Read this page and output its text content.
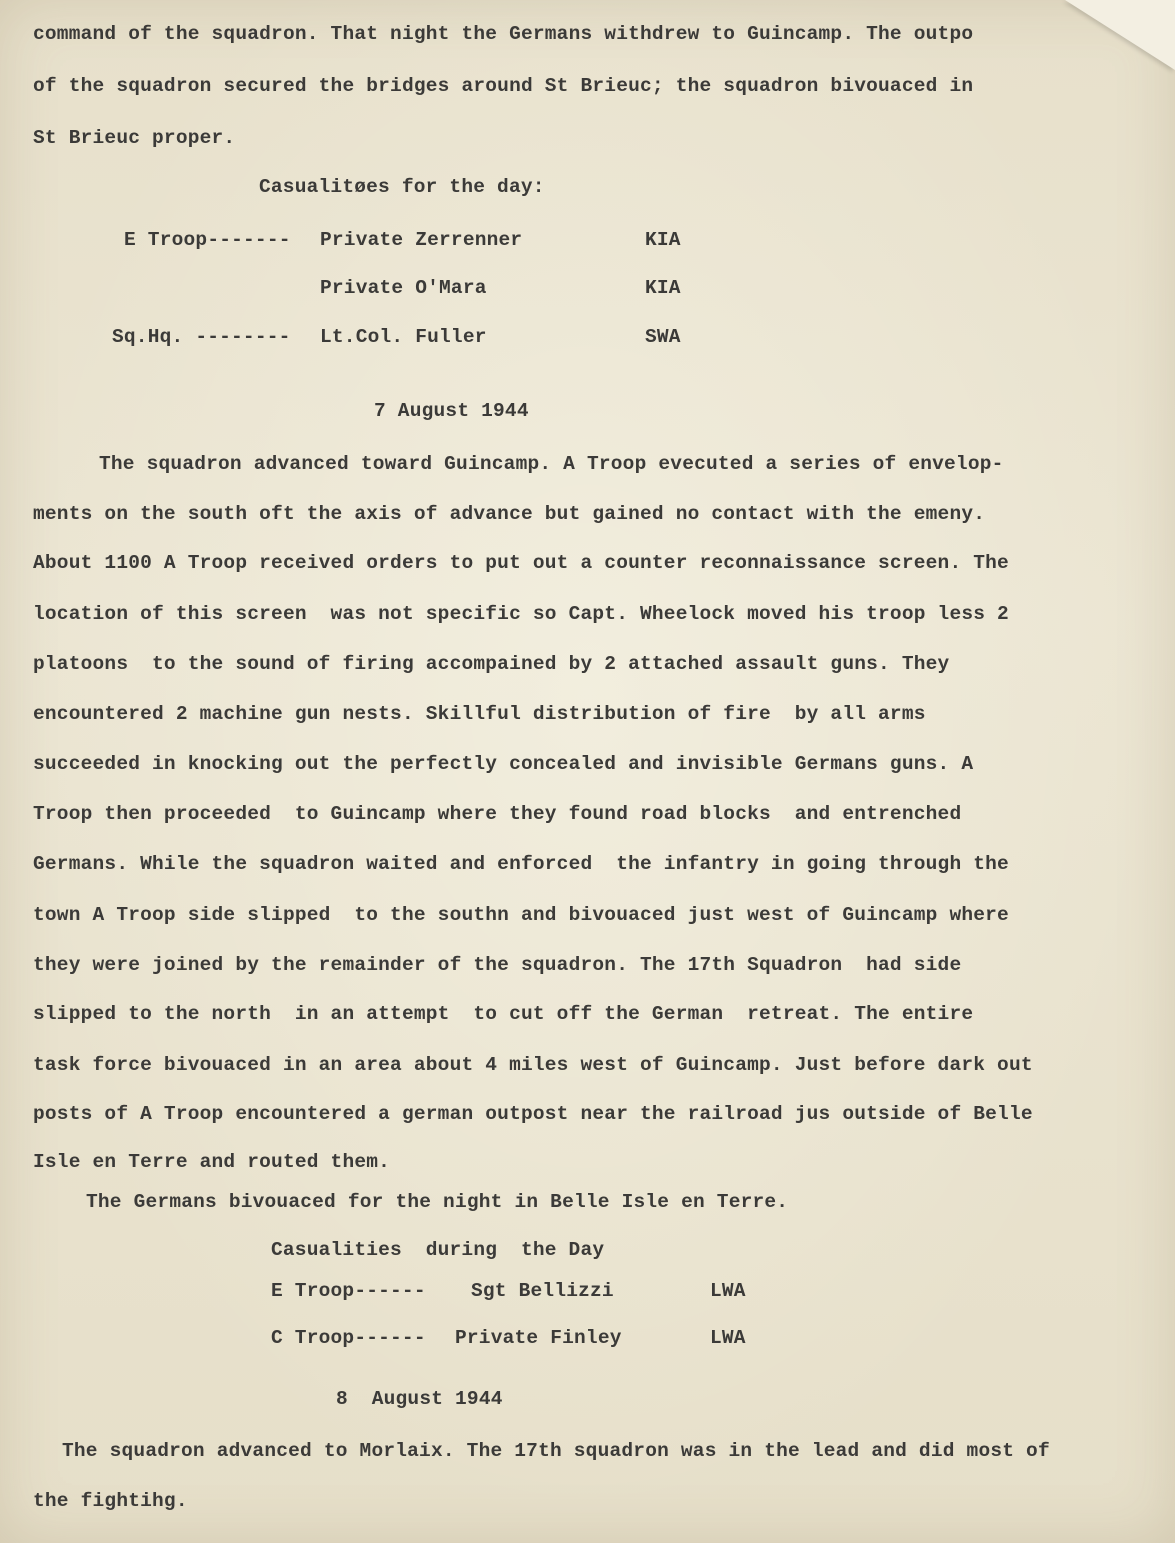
command of the squadron. That night the Germans withdrew to Guincamp. The outpo
of the squadron secured the bridges around St Brieuc; the squadron bivouaced in
St Brieuc proper.
Casualitøes for the day:
E Troop------- Private Zerrenner	KIA
Private O'Mara	KIA
Sq.Hq. -------- Lt.Col. Fuller	SWA
7 August 1944
The squadron advanced toward Guincamp. A Troop evecuted a series of envelop-
ments on the south oft the axis of advance but gained no contact with the emeny.
About 1100 A Troop received orders to put out a counter reconnaissance screen. The
location of this screen  was not specific so Capt. Wheelock moved his troop less 2
platoons  to the sound of firing accompained by 2 attached assault guns. They
encountered 2 machine gun nests. Skillful distribution of fire  by all arms
succeeded in knocking out the perfectly concealed and invisible Germans guns. A
Troop then proceeded  to Guincamp where they found road blocks  and entrenched
Germans. While the squadron waited and enforced  the infantry in going through the
town A Troop side slipped  to the southn and bivouaced just west of Guincamp where
they were joined by the remainder of the squadron. The 17th Squadron  had side
slipped to the north  in an attempt  to cut off the German  retreat. The entire
task force bivouaced in an area about 4 miles west of Guincamp. Just before dark out
posts of A Troop encountered a german outpost near the railroad jus outside of Belle
Isle en Terre and routed them.
The Germans bivouaced for the night in Belle Isle en Terre.
Casualities  during  the Day
E Troop------ Sgt Bellizzi	LWA
C Troop------ Private Finley	LWA
8  August 1944
The squadron advanced to Morlaix. The 17th squadron was in the lead and did most of
the fightihg.
